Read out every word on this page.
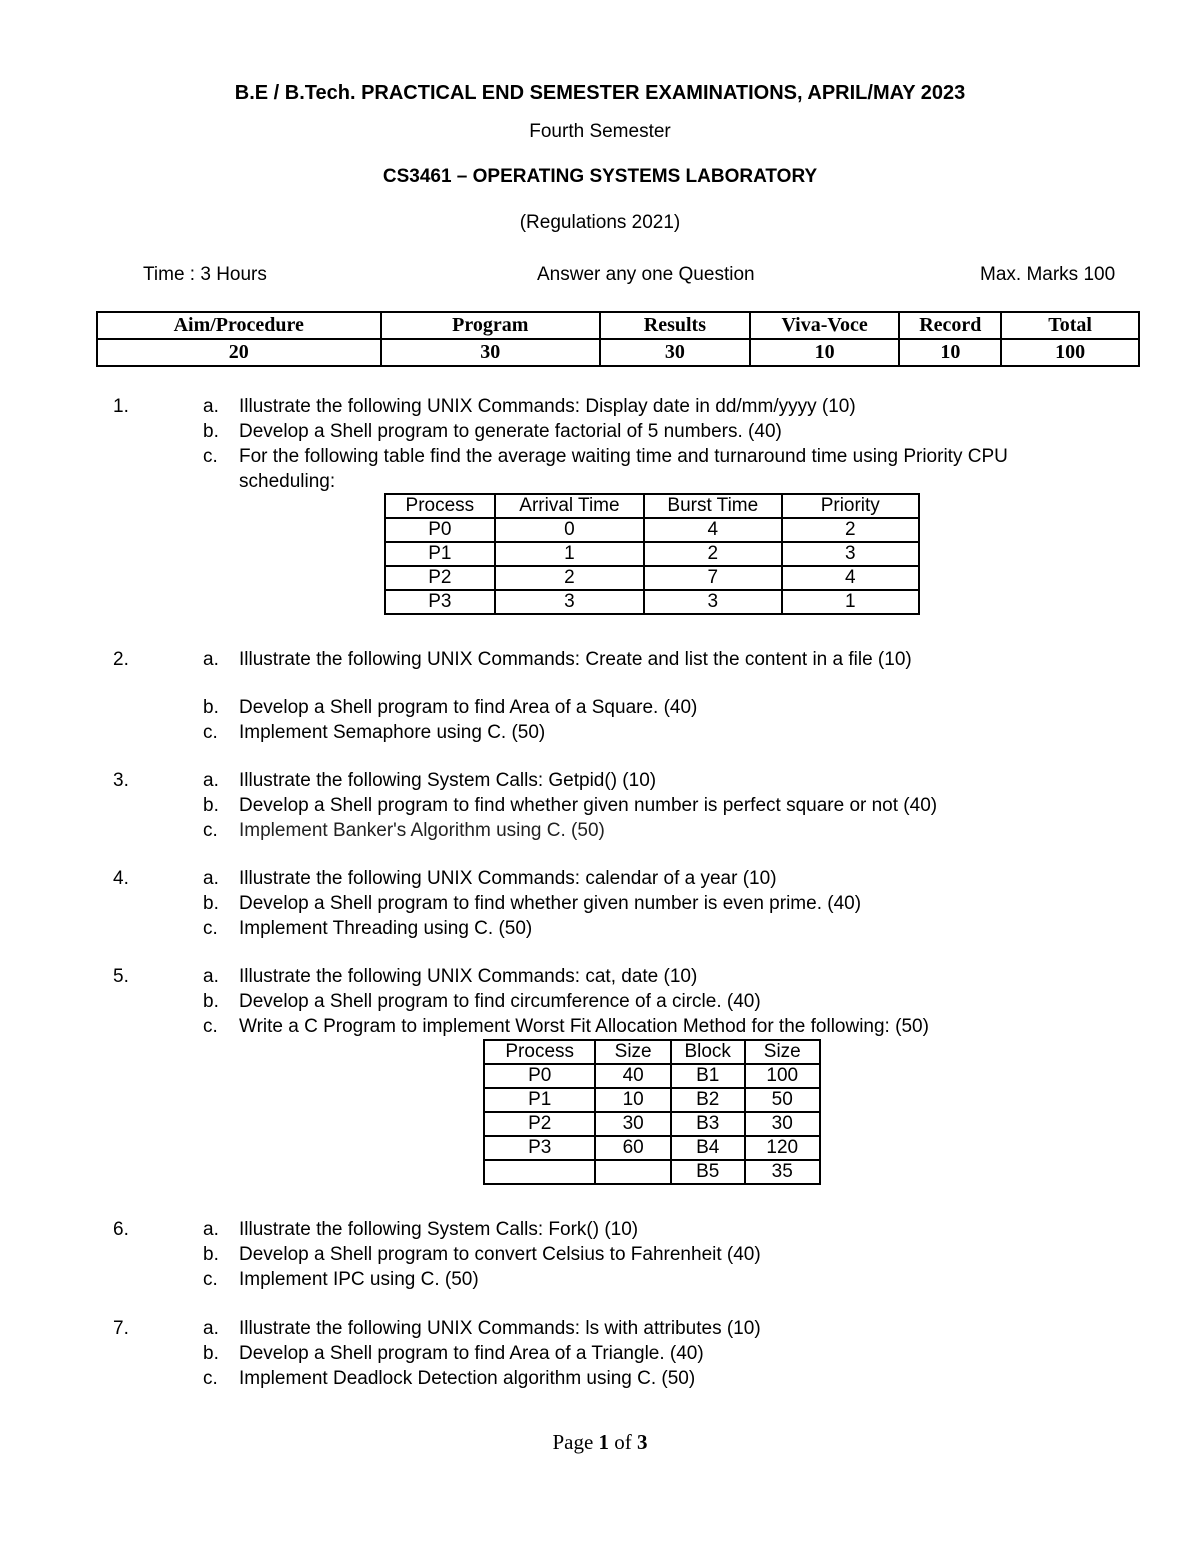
B.E / B.Tech. PRACTICAL END SEMESTER EXAMINATIONS, APRIL/MAY 2023
Fourth Semester
CS3461 – OPERATING SYSTEMS LABORATORY
(Regulations 2021)
Time : 3 Hours	Answer any one Question	Max. Marks 100
Aim/Procedure	Program	Results	Viva-Voce	Record	Total
20	30	30	10	10	100
1.	a. Illustrate the following UNIX Commands: Display date in dd/mm/yyyy (10)
b. Develop a Shell program to generate factorial of 5 numbers. (40)
c. For the following table find the average waiting time and turnaround time using Priority CPU
scheduling:
Process	Arrival Time	Burst Time	Priority
P0	0	4	2
P1	1	2	3
P2	2	7	4
P3	3	3	1
2.	a. Illustrate the following UNIX Commands: Create and list the content in a file (10)
b. Develop a Shell program to find Area of a Square. (40)
c. Implement Semaphore using C. (50)
3.	a. Illustrate the following System Calls: Getpid() (10)
b. Develop a Shell program to find whether given number is perfect square or not (40)
c. Implement Banker's Algorithm using C. (50)
4.	a. Illustrate the following UNIX Commands: calendar of a year (10)
b. Develop a Shell program to find whether given number is even prime. (40)
c. Implement Threading using C. (50)
5.	a. Illustrate the following UNIX Commands: cat, date (10)
b. Develop a Shell program to find circumference of a circle. (40)
c. Write a C Program to implement Worst Fit Allocation Method for the following: (50)
Process	Size	Block	Size
P0	40	B1	100
P1	10	B2	50
P2	30	B3	30
P3	60	B4	120
		B5	35
6.	a. Illustrate the following System Calls: Fork() (10)
b. Develop a Shell program to convert Celsius to Fahrenheit (40)
c. Implement IPC using C. (50)
7.	a. Illustrate the following UNIX Commands: ls with attributes (10)
b. Develop a Shell program to find Area of a Triangle. (40)
c. Implement Deadlock Detection algorithm using C. (50)
Page 1 of 3
